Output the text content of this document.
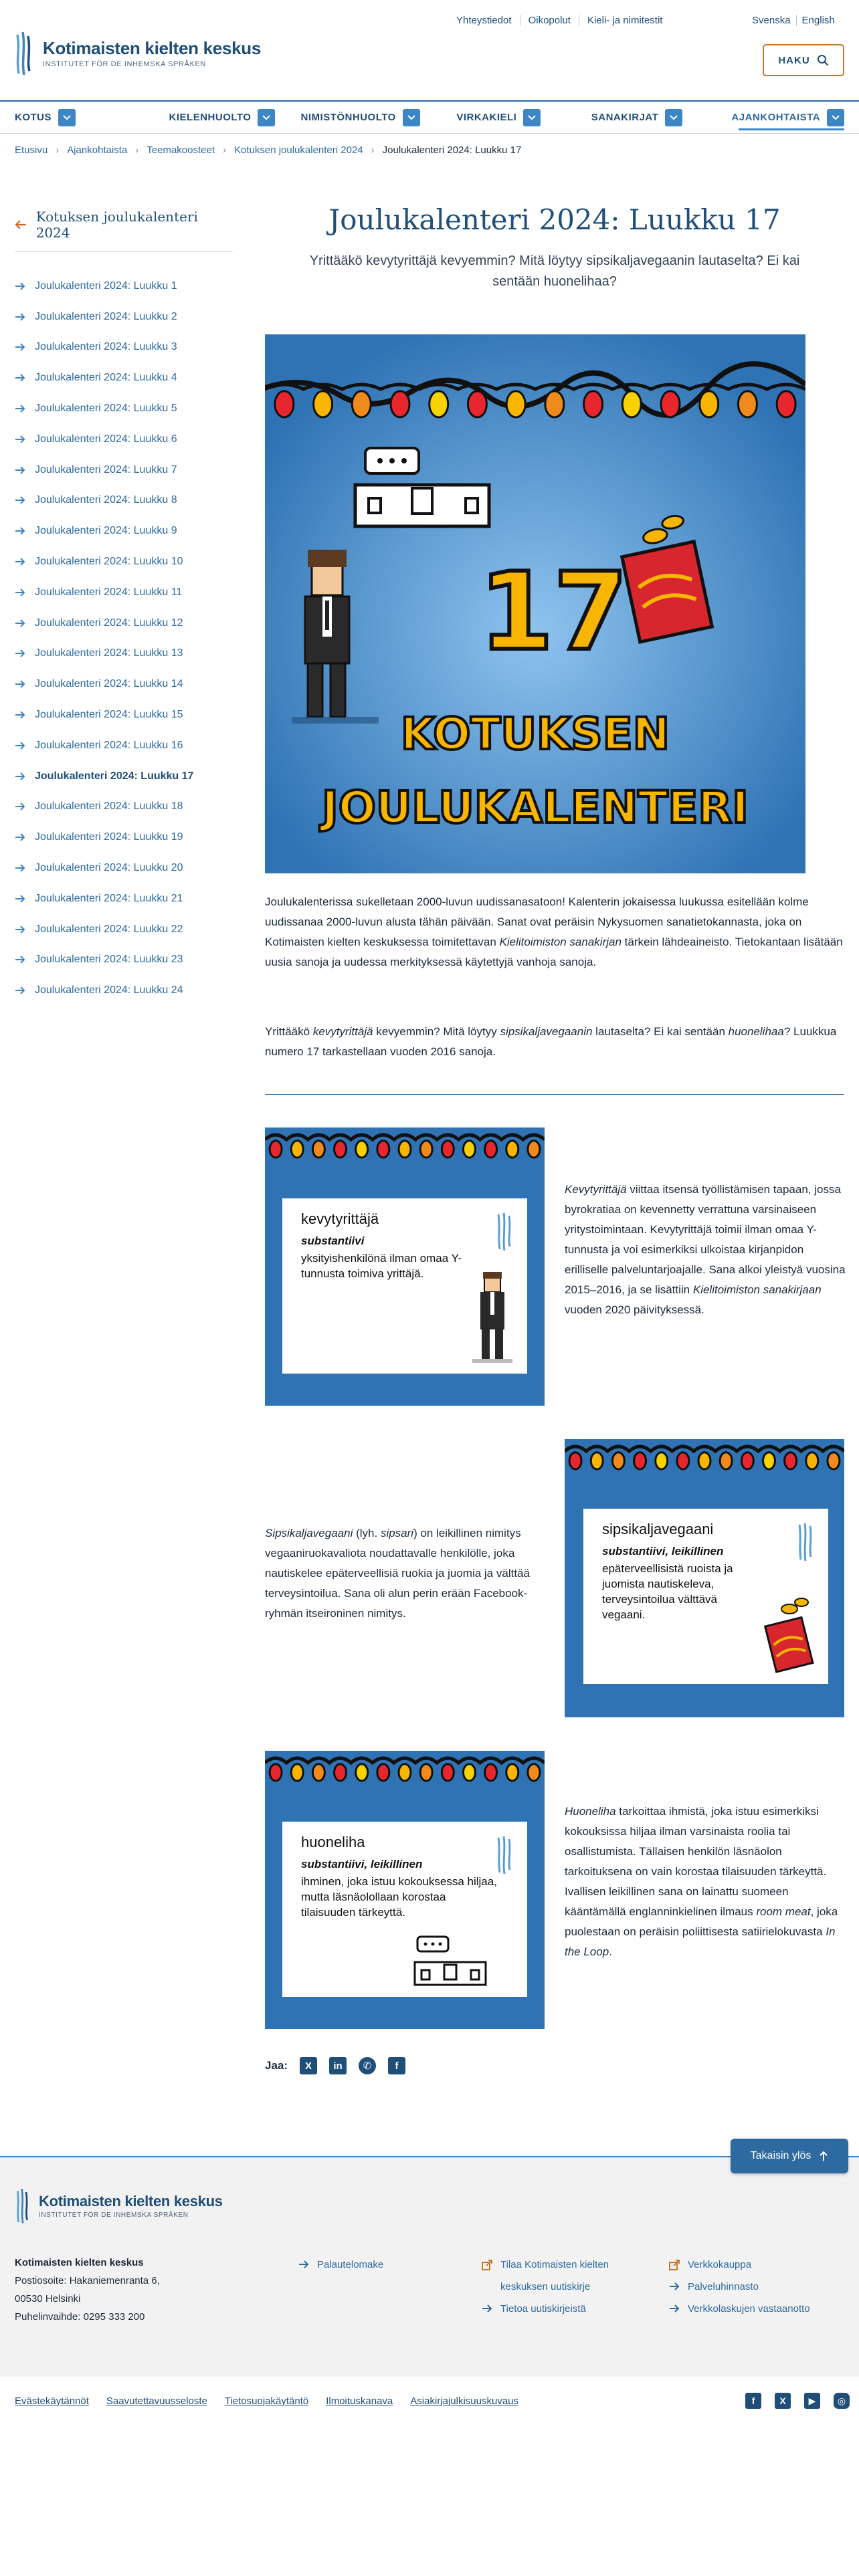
Kotimaisten kielten keskus
INSTITUTET FÖR DE INHEMSKA SPRÅKEN
Yhteystiedot	Oikopolut	Kieli- ja nimitestit	Svenska	English
HAKU
KOTUS	KIELENHUOLTO	NIMISTÖNHUOLTO	VIRKAKIELI	SANAKIRJAT	AJANKOHTAISTA
Etusivu › Ajankohtaista › Teemakoosteet › Kotuksen joulukalenteri 2024 › Joulukalenteri 2024: Luukku 17
Kotuksen joulukalenteri 2024
Joulukalenteri 2024: Luukku 1
Joulukalenteri 2024: Luukku 2
Joulukalenteri 2024: Luukku 3
Joulukalenteri 2024: Luukku 4
Joulukalenteri 2024: Luukku 5
Joulukalenteri 2024: Luukku 6
Joulukalenteri 2024: Luukku 7
Joulukalenteri 2024: Luukku 8
Joulukalenteri 2024: Luukku 9
Joulukalenteri 2024: Luukku 10
Joulukalenteri 2024: Luukku 11
Joulukalenteri 2024: Luukku 12
Joulukalenteri 2024: Luukku 13
Joulukalenteri 2024: Luukku 14
Joulukalenteri 2024: Luukku 15
Joulukalenteri 2024: Luukku 16
Joulukalenteri 2024: Luukku 17
Joulukalenteri 2024: Luukku 18
Joulukalenteri 2024: Luukku 19
Joulukalenteri 2024: Luukku 20
Joulukalenteri 2024: Luukku 21
Joulukalenteri 2024: Luukku 22
Joulukalenteri 2024: Luukku 23
Joulukalenteri 2024: Luukku 24
Joulukalenteri 2024: Luukku 17

Yrittääkö kevytyrittäjä kevyemmin? Mitä löytyy sipsikaljavegaanin lautaselta? Ei kai sentään huonelihaa?

17
KOTUKSEN
JOULUKALENTERI
Joulukalenterissa sukelletaan 2000-luvun uudissanasatoon! Kalenterin jokaisessa luukussa esitellään kolme uudissanaa 2000-luvun alusta tähän päivään. Sanat ovat peräisin Nykysuomen sanatietokannasta, joka on Kotimaisten kielten keskuksessa toimitettavan Kielitoimiston sanakirjan tärkein lähdeaineisto. Tietokantaan lisätään uusia sanoja ja uudessa merkityksessä käytettyjä vanhoja sanoja.
Yrittääkö kevytyrittäjä kevyemmin? Mitä löytyy sipsikaljavegaanin lautaselta? Ei kai sentään huonelihaa? Luukkua numero 17 tarkastellaan vuoden 2016 sanoja.
kevytyrittäjä
substantiivi
yksityishenkilönä ilman omaa Y-tunnusta toimiva yrittäjä.
Kevytyrittäjä viittaa itsensä työllistämisen tapaan, jossa byrokratiaa on kevennetty verrattuna varsinaiseen yritystoimintaan. Kevytyrittäjä toimii ilman omaa Y-tunnusta ja voi esimerkiksi ulkoistaa kirjanpidon erilliselle palveluntarjoajalle. Sana alkoi yleistyä vuosina 2015–2016, ja se lisättiin Kielitoimiston sanakirjaan vuoden 2020 päivityksessä.
Sipsikaljavegaani (lyh. sipsari) on leikillinen nimitys vegaaniruokavaliota noudattavalle henkilölle, joka nautiskelee epäterveellisiä ruokia ja juomia ja välttää terveysintoilua. Sana oli alun perin erään Facebook-ryhmän itseironinen nimitys.
sipsikaljavegaani
substantiivi, leikillinen
epäterveellisistä ruoista ja juomista nautiskeleva, terveysintoilua välttävä vegaani.
huoneliha
substantiivi, leikillinen
ihminen, joka istuu kokouksessa hiljaa, mutta läsnäolollaan korostaa tilaisuuden tärkeyttä.
Huoneliha tarkoittaa ihmistä, joka istuu esimerkiksi kokouksissa hiljaa ilman varsinaista roolia tai osallistumista. Tällaisen henkilön läsnäolon tarkoituksena on vain korostaa tilaisuuden tärkeyttä. Ivallisen leikillinen sana on lainattu suomeen kääntämällä englanninkielinen ilmaus room meat, joka puolestaan on peräisin poliittisesta satiirielokuvasta In the Loop.
Jaa:	X	in	✆	f
Kotimaisten kielten keskus
INSTITUTET FÖR DE INHEMSKA SPRÅKEN
Kotimaisten kielten keskus
Postiosoite: Hakaniemenranta 6,
00530 Helsinki
Puhelinvaihde: 0295 333 200
Palautelomake	Tilaa Kotimaisten kielten
keskuksen uutiskirje
Tietoa uutiskirjeistä
Verkkokauppa
Palveluhinnasto
Verkkolaskujen vastaanotto
Takaisin ylös
Evästekäytännöt Saavutettavuusseloste Tietosuojakäytäntö Ilmoituskanava Asiakirjajulkisuuskuvaus	f	X	▶	◎
